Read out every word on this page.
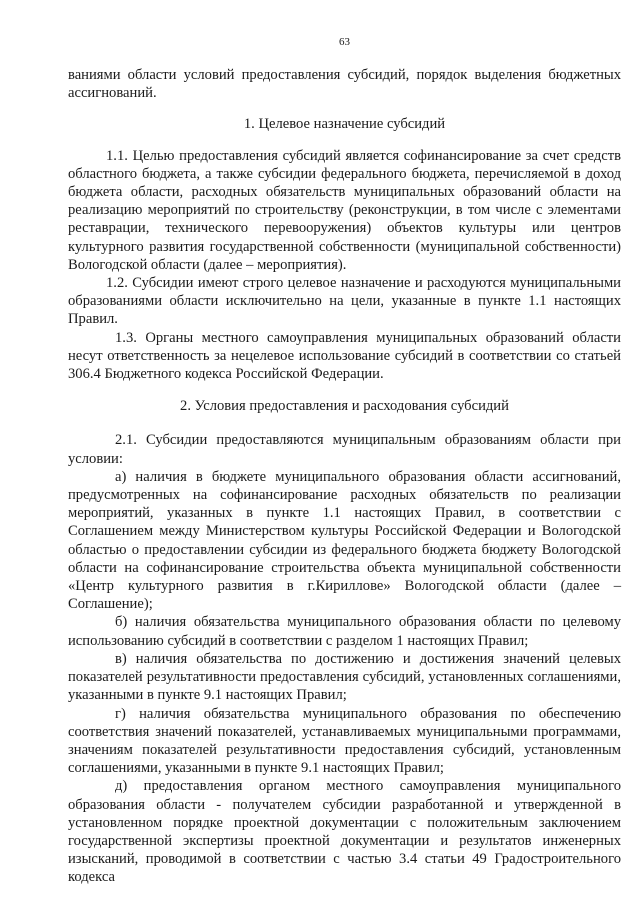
63

ваниями области условий предоставления субсидий, порядок выделения бюджетных ассигнований.

1. Целевое назначение субсидий

1.1. Целью предоставления субсидий является софинансирование за счет средств областного бюджета, а также субсидии федерального бюджета, перечисляемой в доход бюджета области, расходных обязательств муниципальных образований области на реализацию мероприятий по строительству (реконструкции, в том числе с элементами реставрации, технического перевооружения) объектов культуры или центров культурного развития государственной собственности (муниципальной собственности) Вологодской области (далее – мероприятия).

1.2. Субсидии имеют строго целевое назначение и расходуются муниципальными образованиями области исключительно на цели, указанные в пункте 1.1 настоящих Правил.

1.3. Органы местного самоуправления муниципальных образований области несут ответственность за нецелевое использование субсидий в соответствии со статьей 306.4 Бюджетного кодекса Российской Федерации.

2. Условия предоставления и расходования субсидий

2.1. Субсидии предоставляются муниципальным образованиям области при условии:

а) наличия в бюджете муниципального образования области ассигнований, предусмотренных на софинансирование расходных обязательств по реализации мероприятий, указанных в пункте 1.1 настоящих Правил, в соответствии с Соглашением между Министерством культуры Российской Федерации и Вологодской областью о предоставлении субсидии из федерального бюджета бюджету Вологодской области на софинансирование строительства объекта муниципальной собственности «Центр культурного развития в г.Кириллове» Вологодской области (далее – Соглашение);

б) наличия обязательства муниципального образования области по целевому использованию субсидий в соответствии с разделом 1 настоящих Правил;

в) наличия обязательства по достижению и достижения значений целевых показателей результативности предоставления субсидий, установленных соглашениями, указанными в пункте 9.1 настоящих Правил;

г) наличия обязательства муниципального образования по обеспечению соответствия значений показателей, устанавливаемых муниципальными программами, значениям показателей результативности предоставления субсидий, установленным соглашениями, указанными в пункте 9.1 настоящих Правил;

д) предоставления органом местного самоуправления муниципального образования области - получателем субсидии разработанной и утвержденной в установленном порядке проектной документации с положительным заключением государственной экспертизы проектной документации и результатов инженерных изысканий, проводимой в соответствии с частью 3.4 статьи 49 Градостроительного кодекса
